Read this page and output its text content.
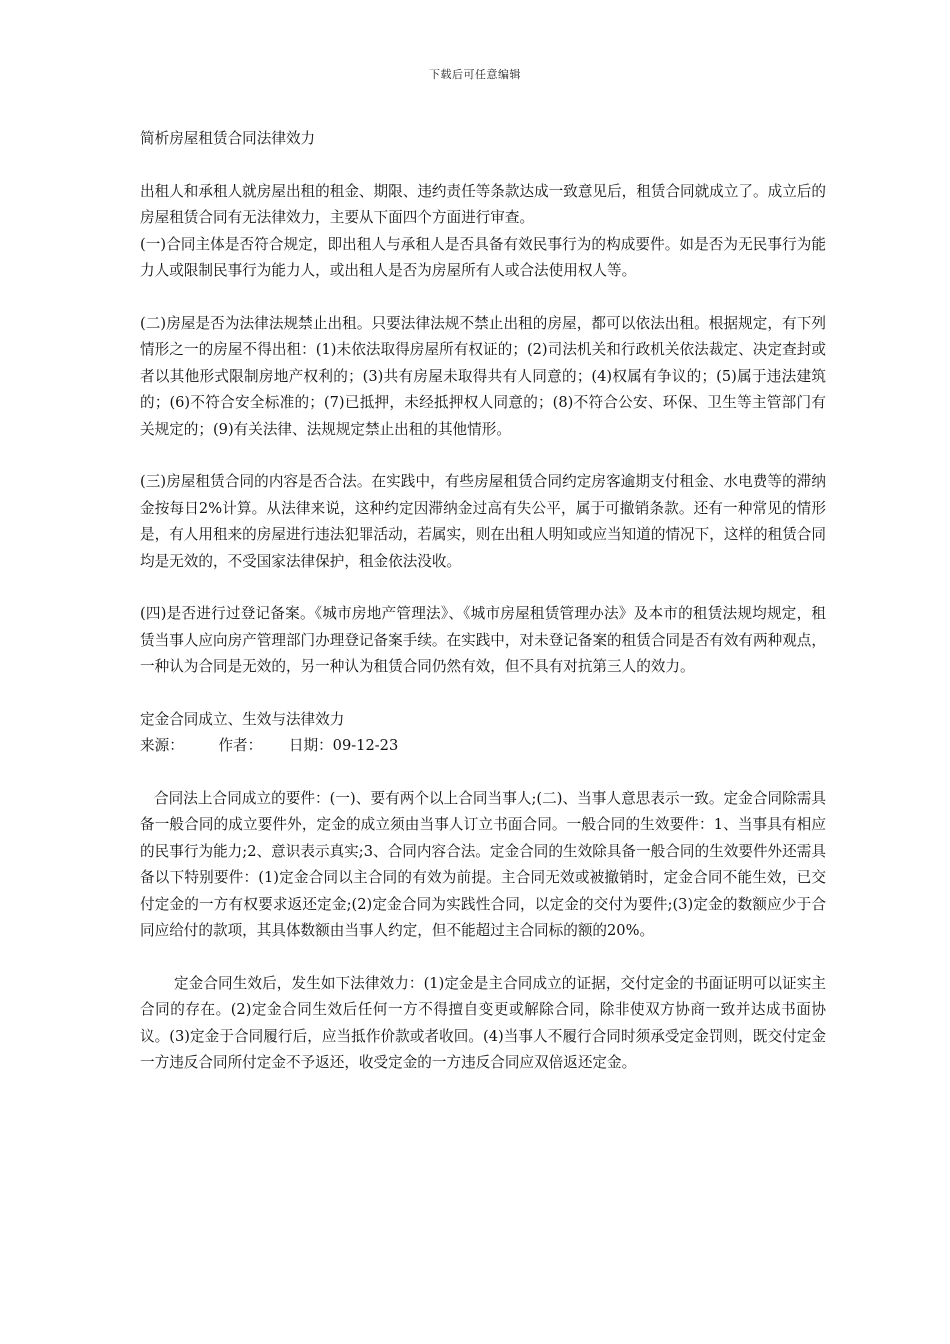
下载后可任意编辑

简析房屋租赁合同法律效力

出租人和承租人就房屋出租的租金、期限、违约责任等条款达成一致意见后，租赁合同就成立了。成立后的房屋租赁合同有无法律效力，主要从下面四个方面进行审查。

(一)合同主体是否符合规定，即出租人与承租人是否具备有效民事行为的构成要件。如是否为无民事行为能力人或限制民事行为能力人，或出租人是否为房屋所有人或合法使用权人等。

(二)房屋是否为法律法规禁止出租。只要法律法规不禁止出租的房屋，都可以依法出租。根据规定，有下列情形之一的房屋不得出租：(1)未依法取得房屋所有权证的；(2)司法机关和行政机关依法裁定、决定查封或者以其他形式限制房地产权利的；(3)共有房屋未取得共有人同意的；(4)权属有争议的；(5)属于违法建筑的；(6)不符合安全标准的；(7)已抵押，未经抵押权人同意的；(8)不符合公安、环保、卫生等主管部门有关规定的；(9)有关法律、法规规定禁止出租的其他情形。

(三)房屋租赁合同的内容是否合法。在实践中，有些房屋租赁合同约定房客逾期支付租金、水电费等的滞纳金按每日2%计算。从法律来说，这种约定因滞纳金过高有失公平，属于可撤销条款。还有一种常见的情形是，有人用租来的房屋进行违法犯罪活动，若属实，则在出租人明知或应当知道的情况下，这样的租赁合同均是无效的，不受国家法律保护，租金依法没收。

(四)是否进行过登记备案。《城市房地产管理法》、《城市房屋租赁管理办法》及本市的租赁法规均规定，租赁当事人应向房产管理部门办理登记备案手续。在实践中，对未登记备案的租赁合同是否有效有两种观点，一种认为合同是无效的，另一种认为租赁合同仍然有效，但不具有对抗第三人的效力。

定金合同成立、生效与法律效力

来源： 作者： 日期：09-12-23

合同法上合同成立的要件：(一)、要有两个以上合同当事人;(二)、当事人意思表示一致。定金合同除需具备一般合同的成立要件外，定金的成立须由当事人订立书面合同。一般合同的生效要件：1、当事具有相应的民事行为能力;2、意识表示真实;3、合同内容合法。定金合同的生效除具备一般合同的生效要件外还需具备以下特别要件：(1)定金合同以主合同的有效为前提。主合同无效或被撤销时，定金合同不能生效，已交付定金的一方有权要求返还定金;(2)定金合同为实践性合同，以定金的交付为要件;(3)定金的数额应少于合同应给付的款项，其具体数额由当事人约定，但不能超过主合同标的额的20%。

定金合同生效后，发生如下法律效力：(1)定金是主合同成立的证据，交付定金的书面证明可以证实主合同的存在。(2)定金合同生效后任何一方不得擅自变更或解除合同，除非使双方协商一致并达成书面协议。(3)定金于合同履行后，应当抵作价款或者收回。(4)当事人不履行合同时须承受定金罚则，既交付定金一方违反合同所付定金不予返还，收受定金的一方违反合同应双倍返还定金。
